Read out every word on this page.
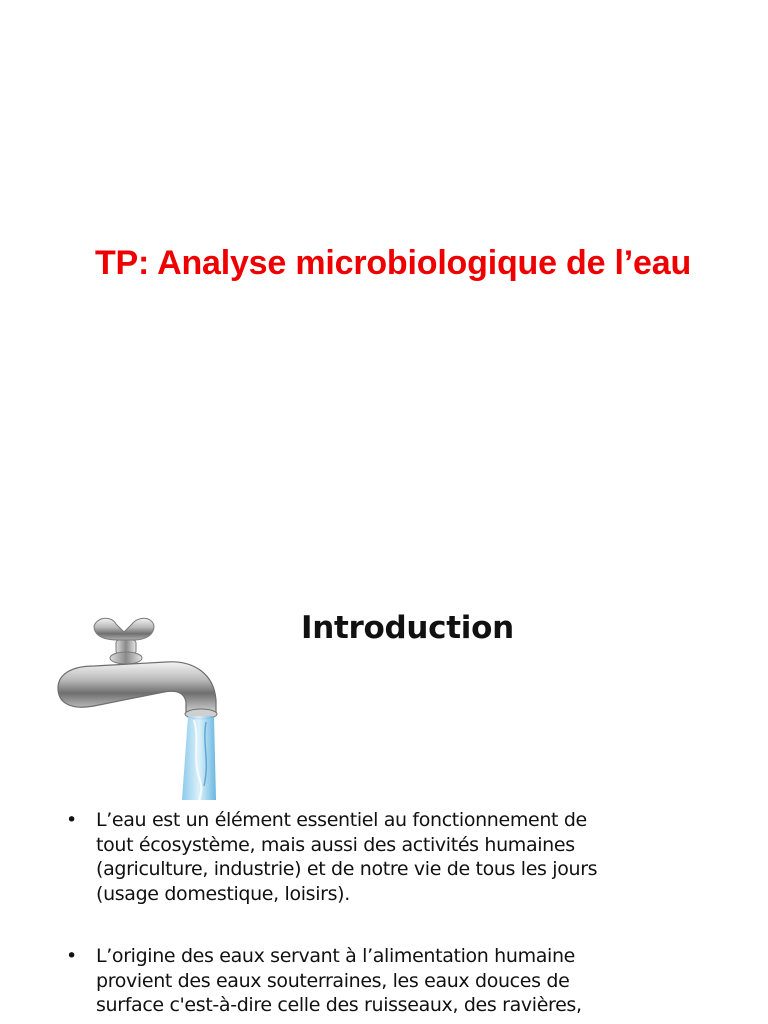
TP: Analyse microbiologique de l’eau
Introduction
• L’eau est un élément essentiel au fonctionnement de
tout écosystème, mais aussi des activités humaines
(agriculture, industrie) et de notre vie de tous les jours
(usage domestique, loisirs).
• L’origine des eaux servant à l’alimentation humaine
provient des eaux souterraines, les eaux douces de
surface c'est-à-dire celle des ruisseaux, des ravières,
